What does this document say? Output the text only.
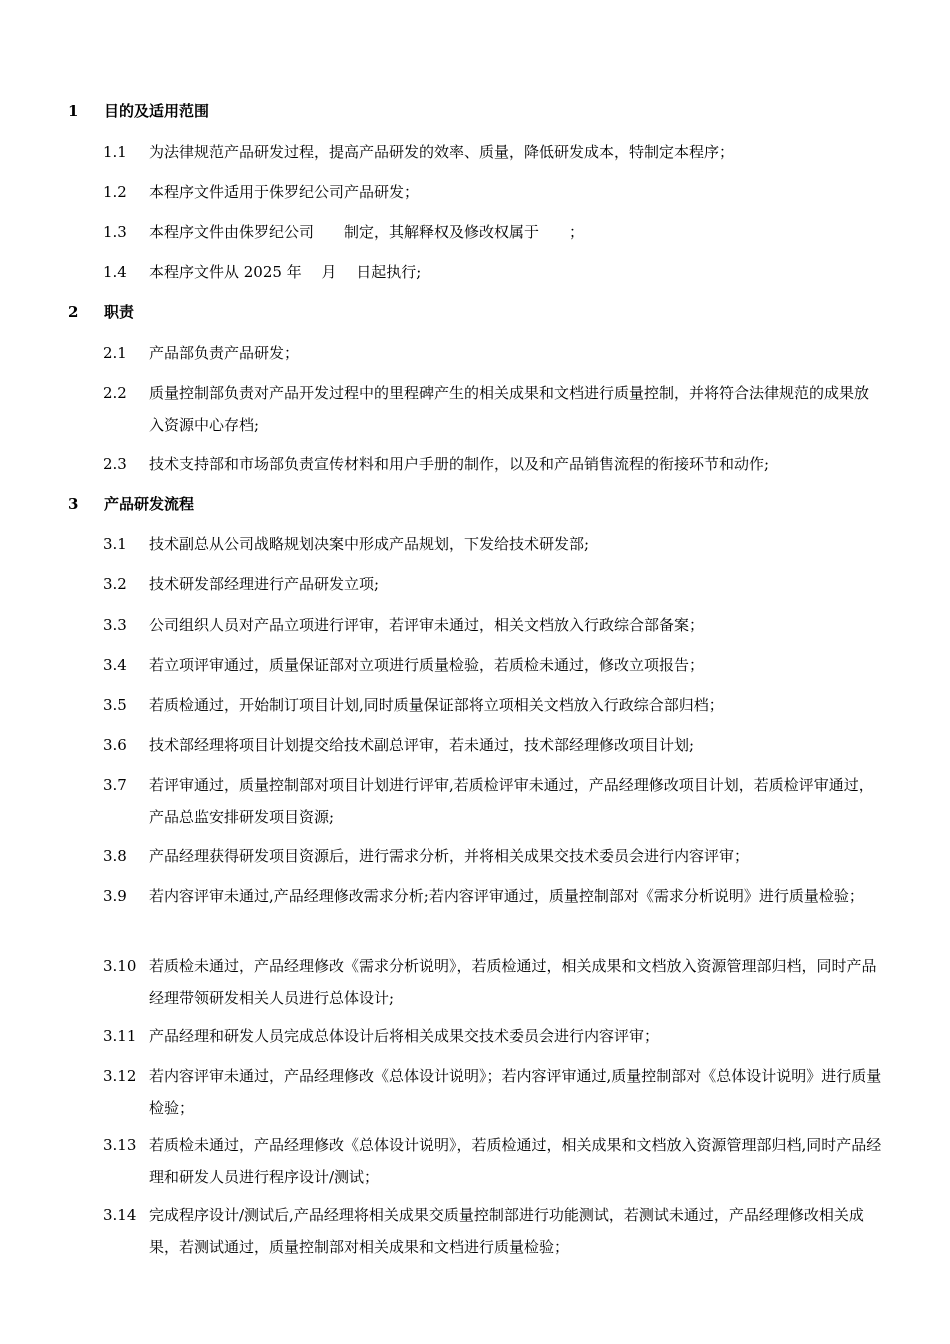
1 目的及适用范围
1.1 为法律规范产品研发过程，提高产品研发的效率、质量，降低研发成本，特制定本程序；
1.2 本程序文件适用于侏罗纪公司产品研发；
1.3 本程序文件由侏罗纪公司　　制定，其解释权及修改权属于　　；
1.4 本程序文件从 2025 年　 月　 日起执行;
2 职责
2.1 产品部负责产品研发；
2.2 质量控制部负责对产品开发过程中的里程碑产生的相关成果和文档进行质量控制，并将符合法律规范的成果放入资源中心存档;
2.3 技术支持部和市场部负责宣传材料和用户手册的制作，以及和产品销售流程的衔接环节和动作;
3 产品研发流程
3.1 技术副总从公司战略规划决案中形成产品规划，下发给技术研发部;
3.2 技术研发部经理进行产品研发立项;
3.3 公司组织人员对产品立项进行评审，若评审未通过，相关文档放入行政综合部备案；
3.4 若立项评审通过，质量保证部对立项进行质量检验，若质检未通过，修改立项报告；
3.5 若质检通过，开始制订项目计划,同时质量保证部将立项相关文档放入行政综合部归档；
3.6 技术部经理将项目计划提交给技术副总评审，若未通过，技术部经理修改项目计划;
3.7 若评审通过，质量控制部对项目计划进行评审,若质检评审未通过，产品经理修改项目计划，若质检评审通过，产品总监安排研发项目资源;
3.8 产品经理获得研发项目资源后，进行需求分析，并将相关成果交技术委员会进行内容评审；
3.9 若内容评审未通过,产品经理修改需求分析;若内容评审通过，质量控制部对《需求分析说明》进行质量检验；
3.10 若质检未通过，产品经理修改《需求分析说明》，若质检通过，相关成果和文档放入资源管理部归档，同时产品经理带领研发相关人员进行总体设计;
3.11 产品经理和研发人员完成总体设计后将相关成果交技术委员会进行内容评审；
3.12 若内容评审未通过，产品经理修改《总体设计说明》；若内容评审通过,质量控制部对《总体设计说明》进行质量检验；
3.13 若质检未通过，产品经理修改《总体设计说明》，若质检通过，相关成果和文档放入资源管理部归档,同时产品经理和研发人员进行程序设计/测试；
3.14 完成程序设计/测试后,产品经理将相关成果交质量控制部进行功能测试，若测试未通过，产品经理修改相关成果，若测试通过，质量控制部对相关成果和文档进行质量检验；
